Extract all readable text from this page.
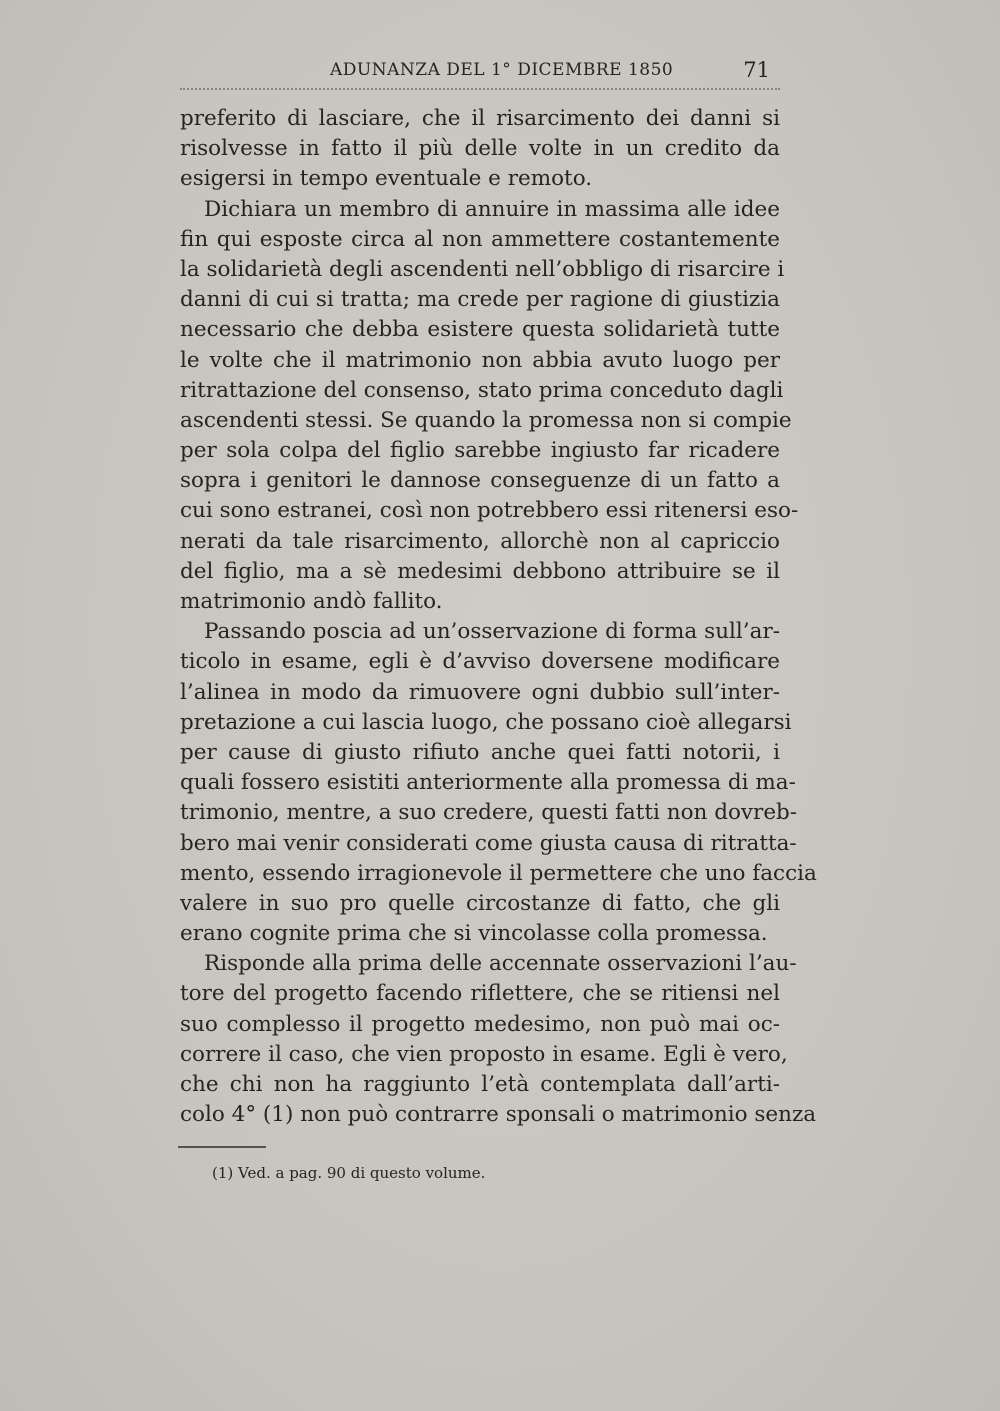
ADUNANZA DEL 1° DICEMBRE 1850	71
preferito di lasciare, che il risarcimento dei danni si
risolvesse in fatto il più delle volte in un credito da
esigersi in tempo eventuale e remoto.
Dichiara un membro di annuire in massima alle idee
fin qui esposte circa al non ammettere costantemente
la solidarietà degli ascendenti nell’obbligo di risarcire i
danni di cui si tratta; ma crede per ragione di giustizia
necessario che debba esistere questa solidarietà tutte
le volte che il matrimonio non abbia avuto luogo per
ritrattazione del consenso, stato prima conceduto dagli
ascendenti stessi. Se quando la promessa non si compie
per sola colpa del figlio sarebbe ingiusto far ricadere
sopra i genitori le dannose conseguenze di un fatto a
cui sono estranei, così non potrebbero essi ritenersi eso-
nerati da tale risarcimento, allorchè non al capriccio
del figlio, ma a sè medesimi debbono attribuire se il
matrimonio andò fallito.
Passando poscia ad un’osservazione di forma sull’ar-
ticolo in esame, egli è d’avviso doversene modificare
l’alinea in modo da rimuovere ogni dubbio sull’inter-
pretazione a cui lascia luogo, che possano cioè allegarsi
per cause di giusto rifiuto anche quei fatti notorii, i
quali fossero esistiti anteriormente alla promessa di ma-
trimonio, mentre, a suo credere, questi fatti non dovreb-
bero mai venir considerati come giusta causa di ritratta-
mento, essendo irragionevole il permettere che uno faccia
valere in suo pro quelle circostanze di fatto, che gli
erano cognite prima che si vincolasse colla promessa.
Risponde alla prima delle accennate osservazioni l’au-
tore del progetto facendo riflettere, che se ritiensi nel
suo complesso il progetto medesimo, non può mai oc-
correre il caso, che vien proposto in esame. Egli è vero,
che chi non ha raggiunto l’età contemplata dall’arti-
colo 4° (1) non può contrarre sponsali o matrimonio senza
(1) Ved. a pag. 90 di questo volume.
